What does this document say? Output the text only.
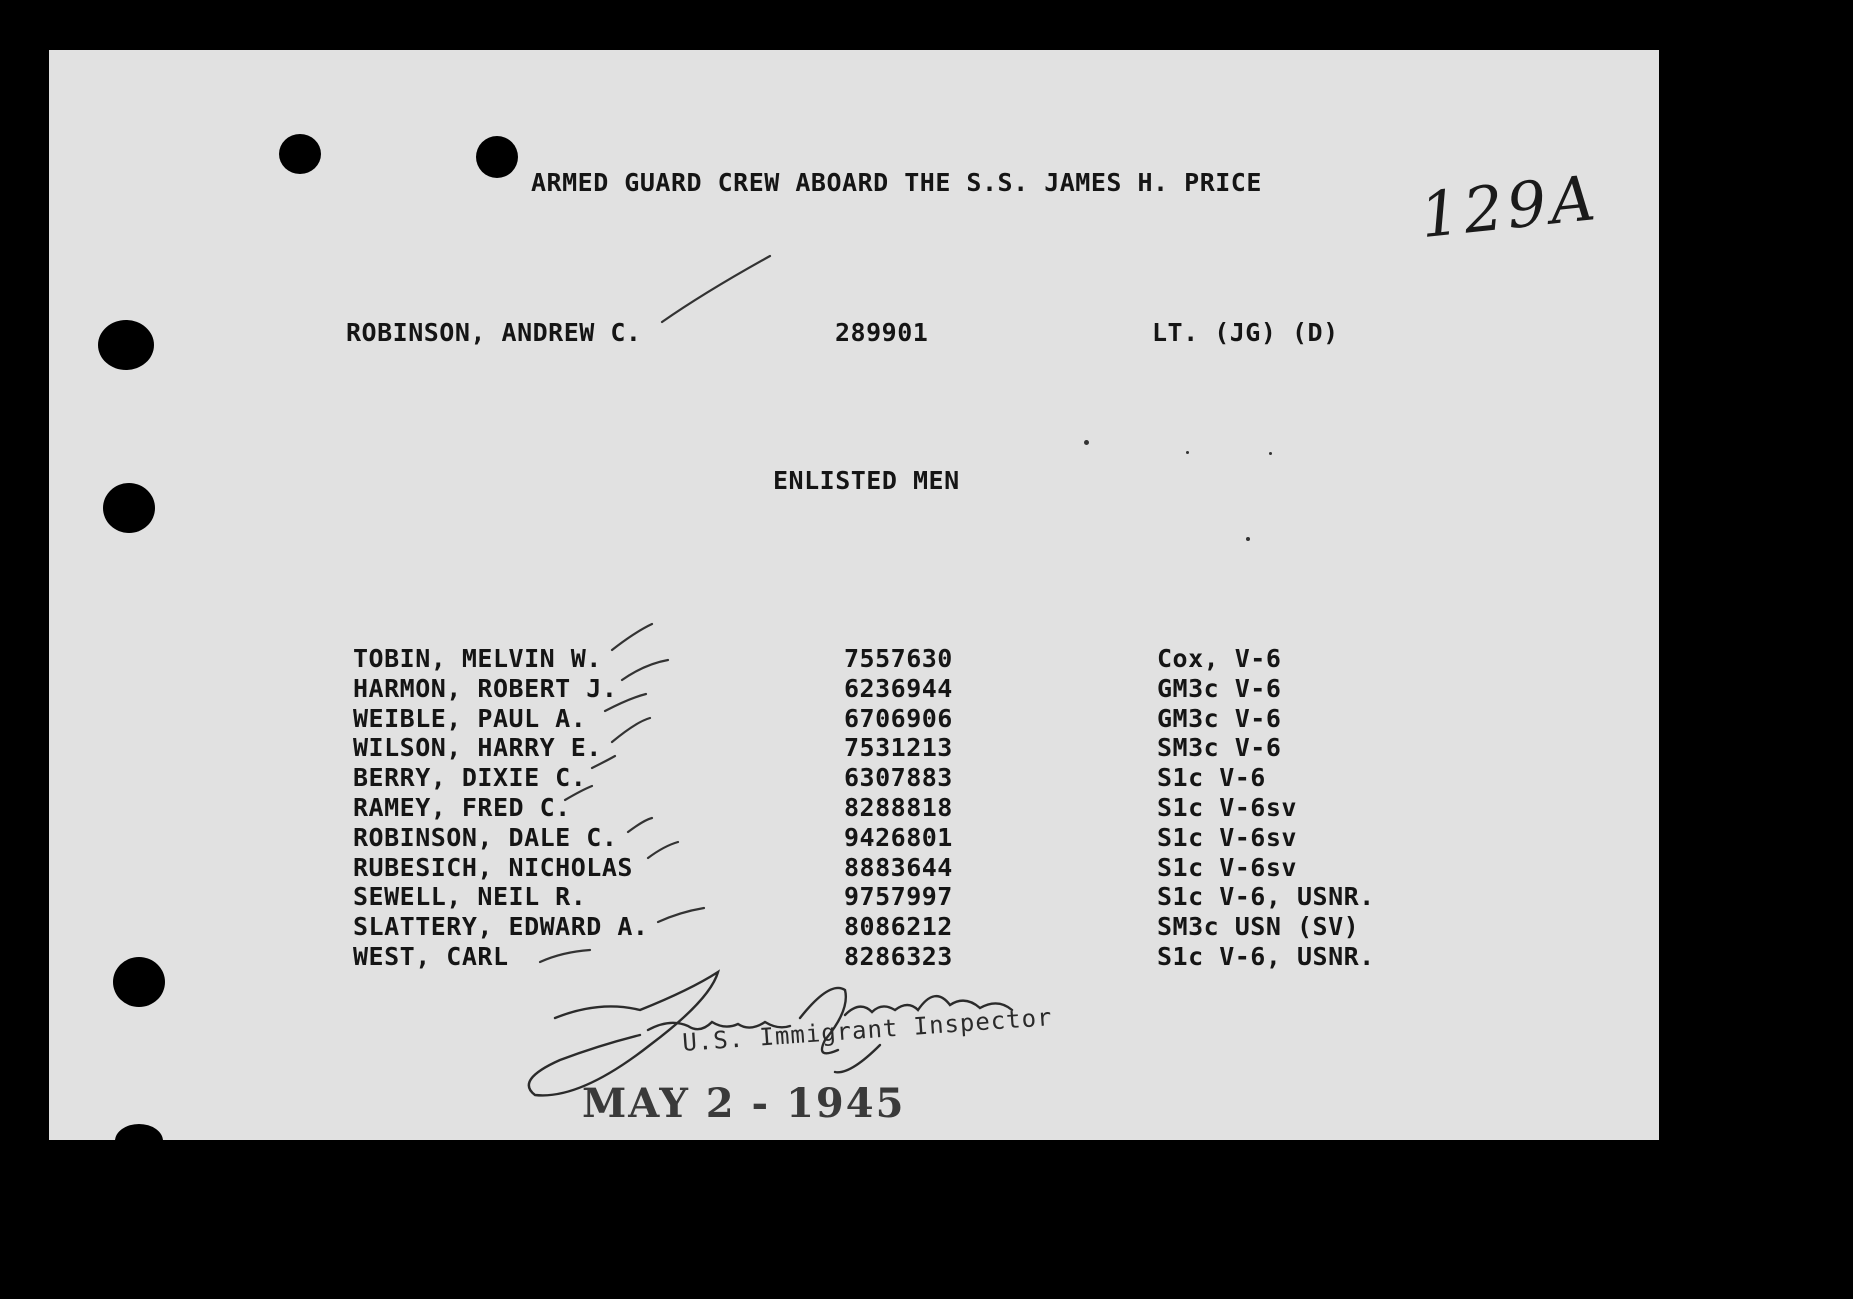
ARMED GUARD CREW ABOARD THE S.S. JAMES H. PRICE 129A
ROBINSON, ANDREW C.	289901	LT. (JG) (D)
ENLISTED MEN
TOBIN, MELVIN W.	7557630	Cox, V-6
HARMON, ROBERT J.	6236944	GM3c V-6
WEIBLE, PAUL A.	6706906	GM3c V-6
WILSON, HARRY E.	7531213	SM3c V-6
BERRY, DIXIE C.	6307883	S1c V-6
RAMEY, FRED C.	8288818	S1c V-6sv
ROBINSON, DALE C.	9426801	S1c V-6sv
RUBESICH, NICHOLAS	8883644	S1c V-6sv
SEWELL, NEIL R.	9757997	S1c V-6, USNR.
SLATTERY, EDWARD A.	8086212	SM3c USN (SV)
WEST, CARL	8286323	S1c V-6, USNR.
U.S. Immigrant Inspector
MAY 2 - 1945
